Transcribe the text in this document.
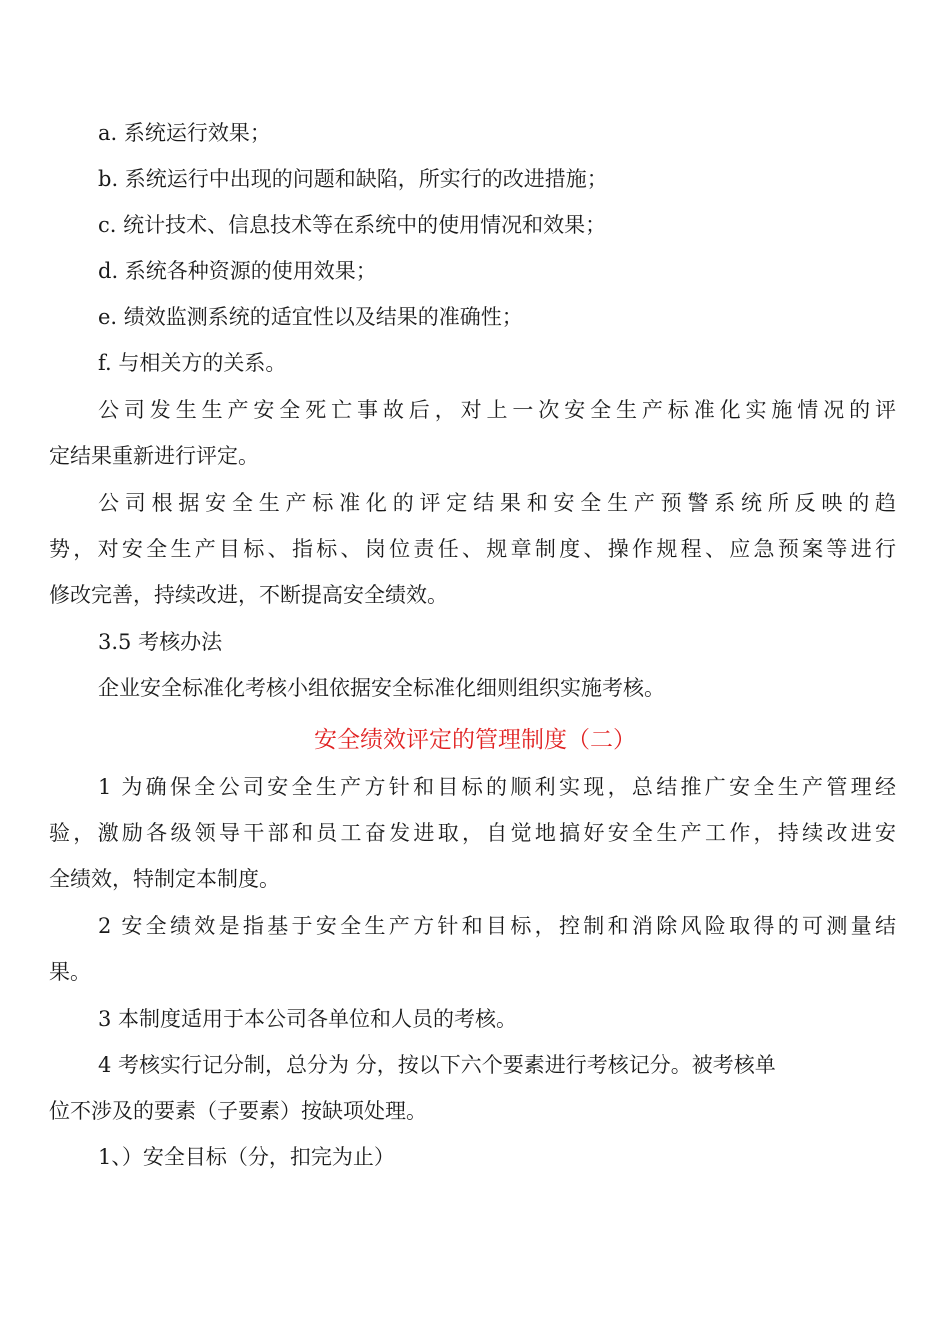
a. 系统运行效果；
b. 系统运行中出现的问题和缺陷，所实行的改进措施；
c. 统计技术、信息技术等在系统中的使用情况和效果；
d. 系统各种资源的使用效果；
e. 绩效监测系统的适宜性以及结果的准确性；
f. 与相关方的关系。
公司发生生产安全死亡事故后，对上一次安全生产标准化实施情况的评
定结果重新进行评定。
公司根据安全生产标准化的评定结果和安全生产预警系统所反映的趋
势，对安全生产目标、指标、岗位责任、规章制度、操作规程、应急预案等进行
修改完善，持续改进，不断提高安全绩效。
3.5 考核办法
企业安全标准化考核小组依据安全标准化细则组织实施考核。
安全绩效评定的管理制度（二）
1 为确保全公司安全生产方针和目标的顺利实现，总结推广安全生产管理经
验，激励各级领导干部和员工奋发进取，自觉地搞好安全生产工作，持续改进安
全绩效，特制定本制度。
2 安全绩效是指基于安全生产方针和目标，控制和消除风险取得的可测量结
果。
3 本制度适用于本公司各单位和人员的考核。
4 考核实行记分制，总分为 分，按以下六个要素进行考核记分。被考核单
位不涉及的要素（子要素）按缺项处理。
1、）安全目标（分，扣完为止）
